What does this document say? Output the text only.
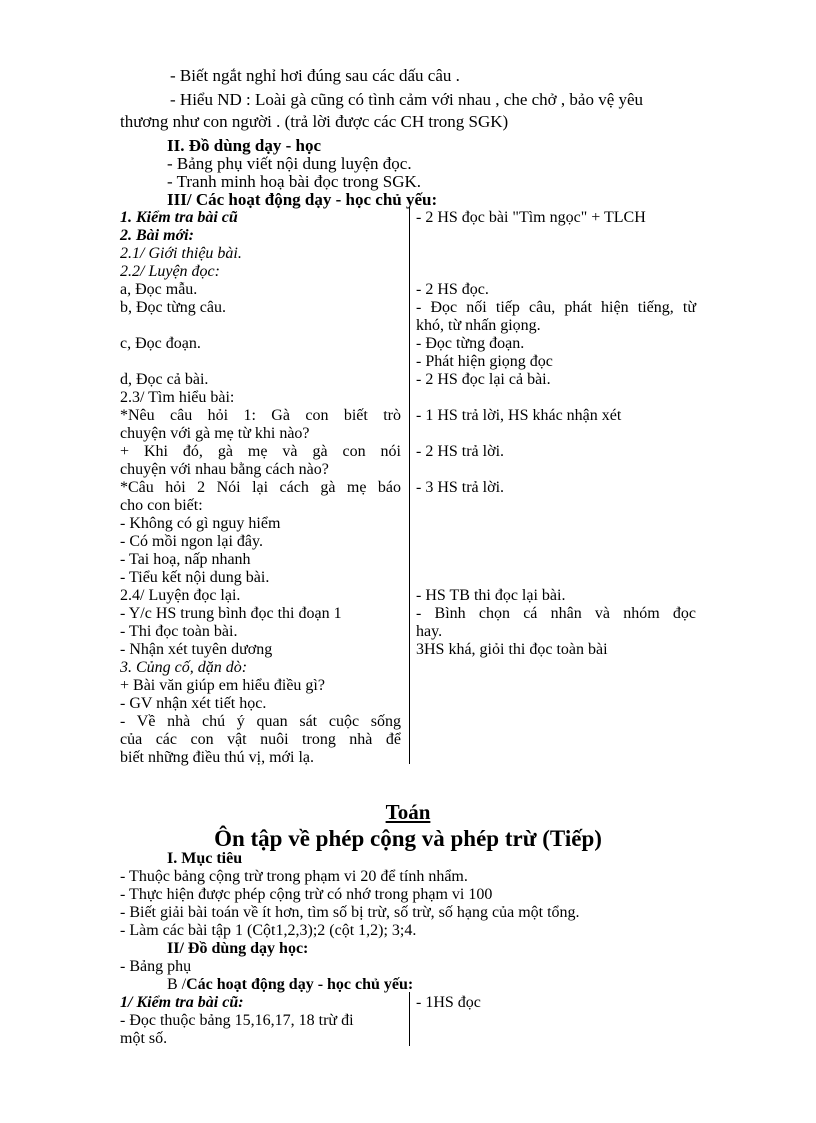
- Biết ngắt nghỉ hơi đúng sau các dấu câu .
- Hiểu ND : Loài gà cũng có tình cảm với nhau , che chở , bảo vệ yêu
thương như con người . (trả lời được các CH trong SGK)
II. Đồ dùng dạy - học
- Bảng phụ viết nội dung luyện đọc.
- Tranh minh hoạ bài đọc trong SGK.
III/ Các hoạt động dạy - học chủ yếu:
1. Kiểm tra bài cũ
2. Bài mới:
2.1/ Giới thiệu bài.
2.2/ Luyện đọc:
a, Đọc mẫu.
b, Đọc từng câu.
c, Đọc đoạn.
d, Đọc cả bài.
2.3/ Tìm hiểu bài:
*Nêu câu hỏi 1: Gà con biết trò
chuyện với gà mẹ từ khi nào?
+ Khi đó, gà mẹ và gà con nói
chuyện với nhau bằng cách nào?
*Câu hỏi 2 Nói lại cách gà mẹ báo
cho con biết:
- Không có gì nguy hiểm
- Có mồi ngon lại đây.
- Tai hoạ, nấp nhanh
- Tiểu kết nội dung bài.
2.4/ Luyện đọc lại.
- Y/c HS trung bình đọc thi đoạn 1
- Thi đọc toàn bài.
- Nhận xét tuyên dương
3. Củng cố, dặn dò:
+ Bài văn giúp em hiểu điều gì?
- GV nhận xét tiết học.
- Về nhà chú ý quan sát cuộc sống
của các con vật nuôi trong nhà để
biết những điều thú vị, mới lạ.
- 2 HS đọc bài "Tìm ngọc" + TLCH
- 2 HS đọc.
- Đọc nối tiếp câu, phát hiện tiếng, từ
khó, từ nhấn giọng.
- Đọc từng đoạn.
- Phát hiện giọng đọc
- 2 HS đọc lại cả bài.
- 1 HS trả lời, HS khác nhận xét
- 2 HS trả lời.
- 3 HS trả lời.
- HS TB thi đọc lại bài.
- Bình chọn cá nhân và nhóm đọc
hay.
3HS khá, giỏi thi đọc toàn bài
Toán
Ôn tập về phép cộng và phép trừ (Tiếp)
I. Mục tiêu
- Thuộc bảng cộng trừ trong phạm vi 20 để tính nhẩm.
- Thực hiện được phép cộng trừ có nhớ trong phạm vi 100
- Biết giải bài toán về ít hơn, tìm số bị trừ, số trừ, số hạng của một tổng.
- Làm các bài tập 1 (Cột1,2,3);2 (cột 1,2); 3;4.
II/ Đồ dùng dạy học:
- Bảng phụ
B /Các hoạt động dạy - học chủ yếu:
1/ Kiểm tra bài cũ:
- Đọc thuộc bảng 15,16,17, 18 trừ đi
một số.
- 1HS đọc
